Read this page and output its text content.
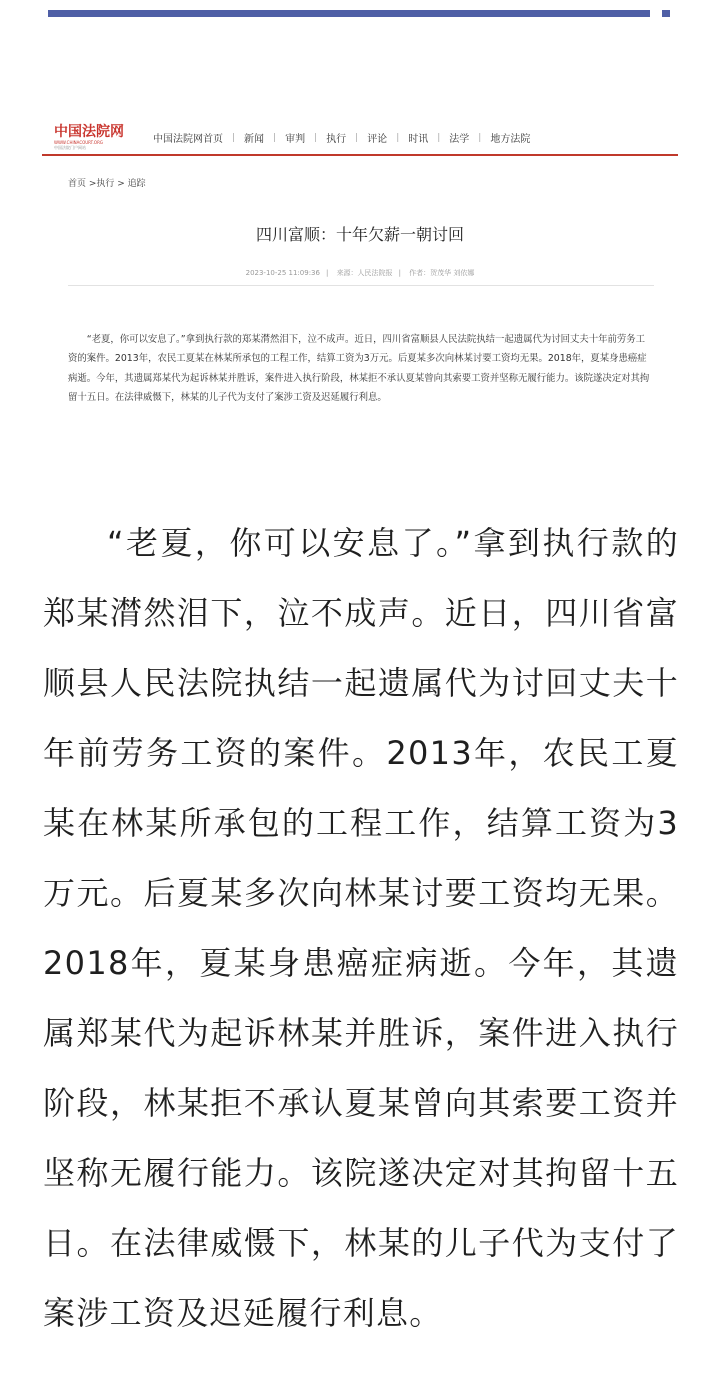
中国法院网
WWW.CHINACOURT.ORG
中国法院门户网站
中国法院网首页	| 新闻	| 审判	| 执行	| 评论	| 时讯	| 法学	| 地方法院
首页 >执行 > 追踪
四川富顺：十年欠薪一朝讨回
2023-10-25 11:09:36 | 来源：人民法院报 | 作者：贺茂华 刘依娜
“老夏，你可以安息了。”拿到执行款的郑某潸然泪下，泣不成声。近日，四川省富顺县人民法院执结一起遗属代为讨回丈夫十年前劳务工资的案件。2013年，农民工夏某在林某所承包的工程工作，结算工资为3万元。后夏某多次向林某讨要工资均无果。2018年，夏某身患癌症病逝。今年，其遗属郑某代为起诉林某并胜诉，案件进入执行阶段，林某拒不承认夏某曾向其索要工资并坚称无履行能力。该院遂决定对其拘留十五日。在法律威慑下，林某的儿子代为支付了案涉工资及迟延履行利息。

“老夏，你可以安息了。”拿到执行款的郑某潸然泪下，泣不成声。近日，四川省富顺县人民法院执结一起遗属代为讨回丈夫十年前劳务工资的案件。2013年，农民工夏某在林某所承包的工程工作，结算工资为3万元。后夏某多次向林某讨要工资均无果。2018年，夏某身患癌症病逝。今年，其遗属郑某代为起诉林某并胜诉，案件进入执行阶段，林某拒不承认夏某曾向其索要工资并坚称无履行能力。该院遂决定对其拘留十五日。在法律威慑下，林某的儿子代为支付了案涉工资及迟延履行利息。
